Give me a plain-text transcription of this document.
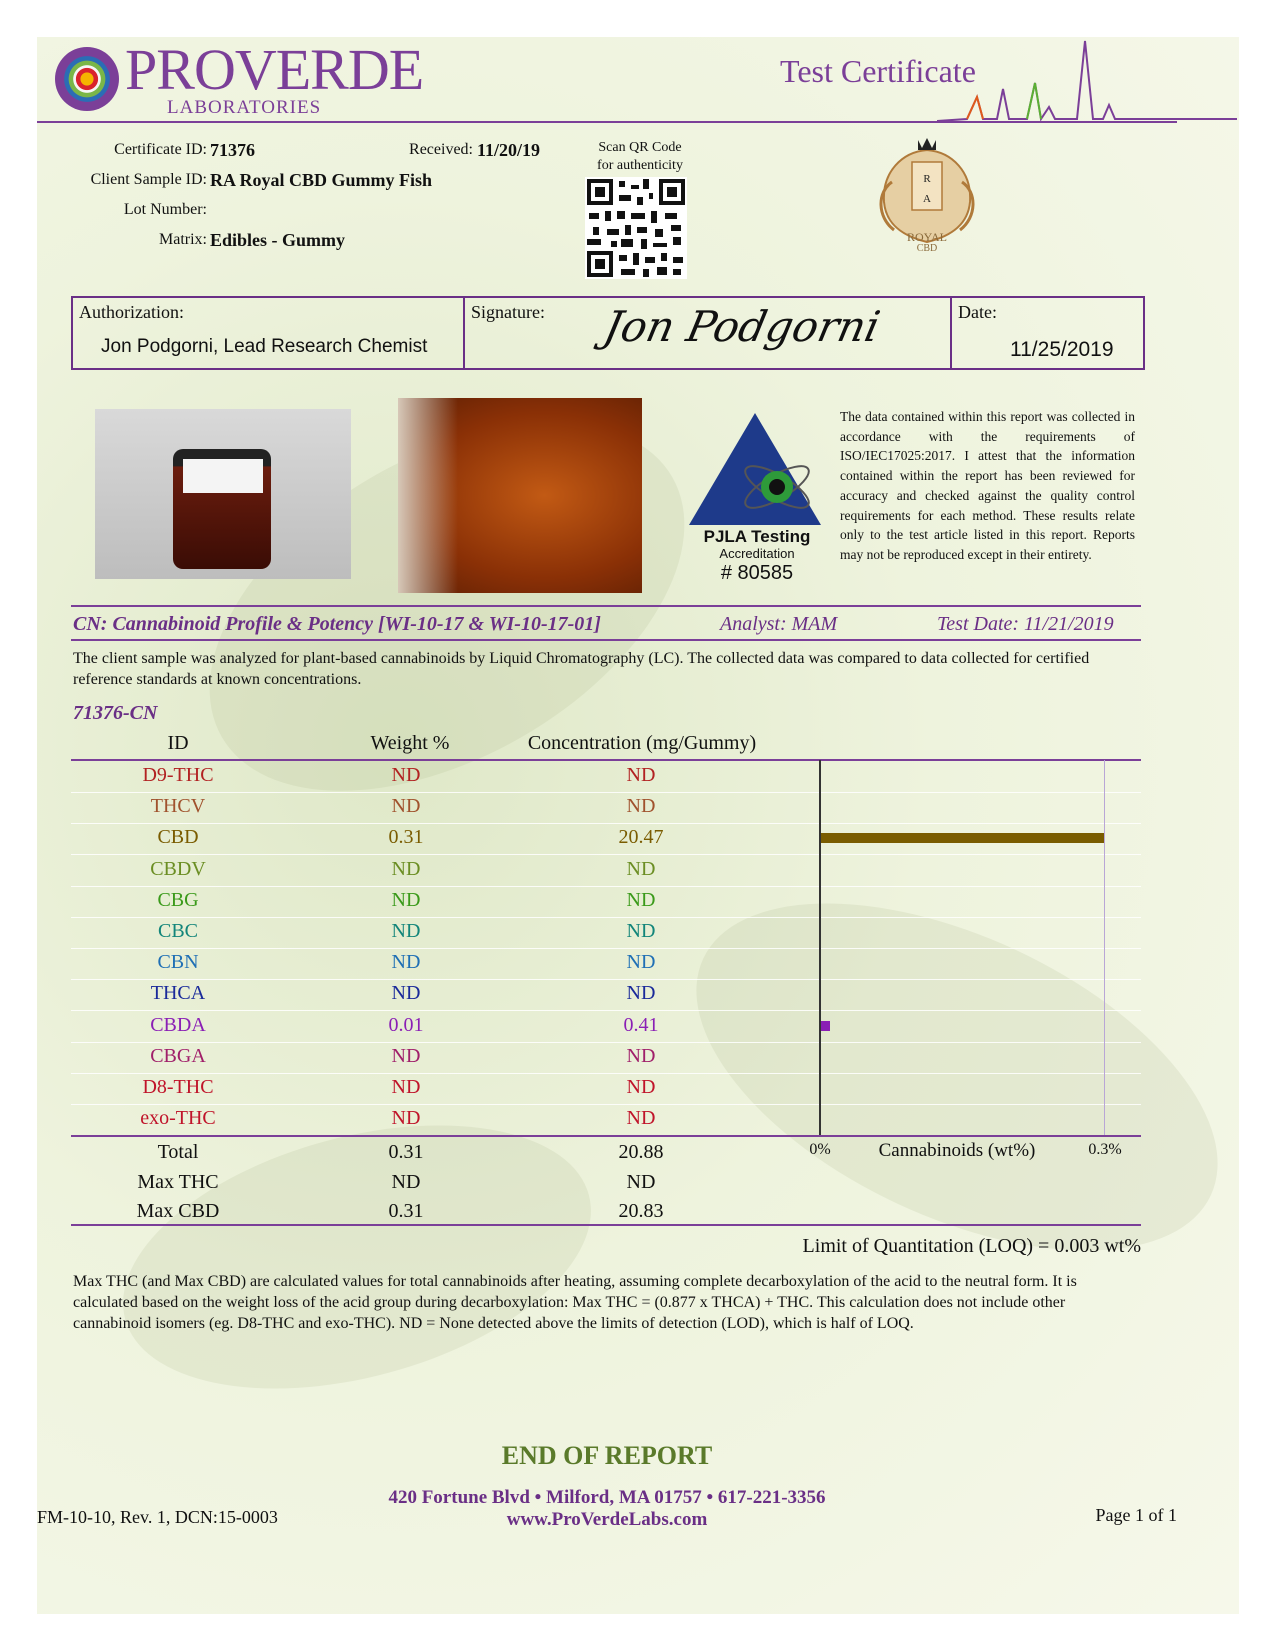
PROVERDE
LABORATORIES
Test Certificate
Certificate ID: 71376	Received: 11/20/19
Client Sample ID: RA Royal CBD Gummy Fish
Lot Number:
Matrix: Edibles - Gummy
Scan QR Code
for authenticity
R
A
ROYAL
CBD
Authorization:
Jon Podgorni, Lead Research Chemist
Signature: Jon Podgorni	Date:
11/25/2019
PJLA Testing
Accreditation
# 80585
The data contained within this report was collected in accordance with the requirements of ISO/IEC17025:2017. I attest that the information contained within the report has been reviewed for accuracy and checked against the quality control requirements for each method. These results relate only to the test article listed in this report. Reports may not be reproduced except in their entirety.
CN: Cannabinoid Profile & Potency [WI-10-17 & WI-10-17-01]	Analyst: MAM	Test Date: 11/21/2019
The client sample was analyzed for plant-based cannabinoids by Liquid Chromatography (LC). The collected data was compared to data collected for certified reference standards at known concentrations.
71376-CN
ID	Weight %	Concentration (mg/Gummy)
D9-THC	ND	ND
THCV	ND	ND
CBD	0.31	20.47
CBDV	ND	ND
CBG	ND	ND
CBC	ND	ND
CBN	ND	ND
THCA	ND	ND
CBDA	0.01	0.41
CBGA	ND	ND
D8-THC	ND	ND
exo-THC	ND	ND
Total	0.31	20.88
Max THC	ND	ND
Max CBD	0.31	20.83
0%	Cannabinoids (wt%)	0.3%
Limit of Quantitation (LOQ) = 0.003 wt%
Max THC (and Max CBD) are calculated values for total cannabinoids after heating, assuming complete decarboxylation of the acid to the neutral form. It is calculated based on the weight loss of the acid group during decarboxylation: Max THC = (0.877 x THCA) + THC. This calculation does not include other cannabinoid isomers (eg. D8-THC and exo-THC). ND = None detected above the limits of detection (LOD), which is half of LOQ.
END OF REPORT
420 Fortune Blvd • Milford, MA 01757 • 617-221-3356
www.ProVerdeLabs.com
FM-10-10, Rev. 1, DCN:15-0003	Page 1 of 1
